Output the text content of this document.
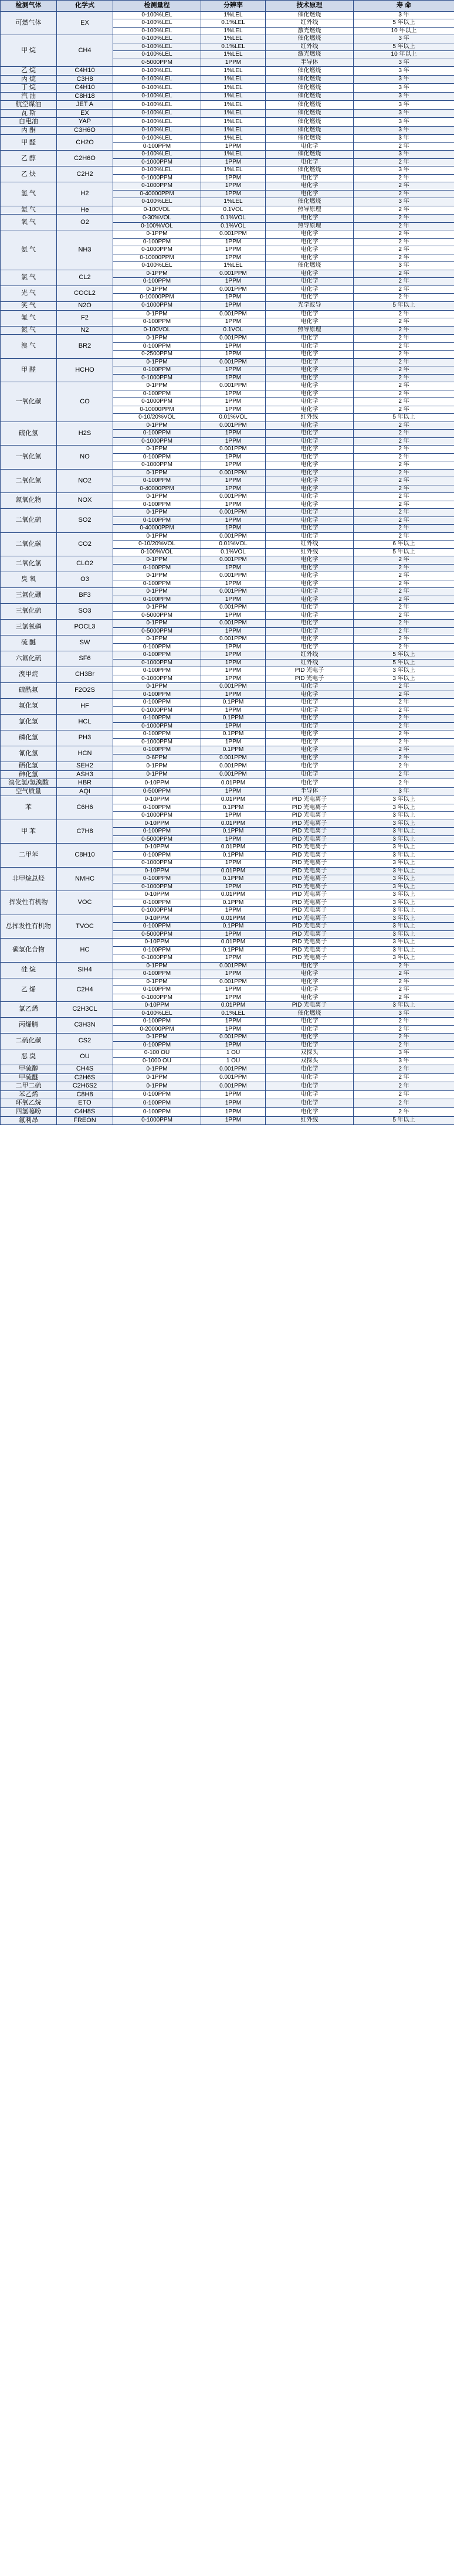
检测气体	化学式	检测量程	分辨率	技术原理	寿 命
可燃气体	EX	0-100%LEL	1%LEL	催化燃烧	3 年
		0-100%LEL	0.1%LEL	红外线	5 年以上
		0-100%LEL	1%LEL	激光燃烧	10 年以上
甲 烷	CH4	0-100%LEL	1%LEL	催化燃烧	3 年
		0-100%LEL	0.1%LEL	红外线	5 年以上
		0-100%LEL	1%LEL	激光燃烧	10 年以上
		0-5000PPM	1PPM	半导体	3 年
乙 烷	C4H10	0-100%LEL	1%LEL	催化燃烧	3 年
丙 烷	C3H8	0-100%LEL	1%LEL	催化燃烧	3 年
丁 烷	C4H10	0-100%LEL	1%LEL	催化燃烧	3 年
汽 油	C8H18	0-100%LEL	1%LEL	催化燃烧	3 年
航空煤油	JET A	0-100%LEL	1%LEL	催化燃烧	3 年
瓦 斯	EX	0-100%LEL	1%LEL	催化燃烧	3 年
白电油	YAP	0-100%LEL	1%LEL	催化燃烧	3 年
丙 酮	C3H6O	0-100%LEL	1%LEL	催化燃烧	3 年
甲 醛	CH2O	0-100%LEL	1%LEL	催化燃烧	3 年
		0-100PPM	1PPM	电化学	2 年
乙 醇	C2H6O	0-100%LEL	1%LEL	催化燃烧	3 年
		0-1000PPM	1PPM	电化学	2 年
乙 炔	C2H2	0-100%LEL	1%LEL	催化燃烧	3 年
		0-1000PPM	1PPM	电化学	2 年
氢 气	H2	0-1000PPM	1PPM	电化学	2 年
		0-40000PPM	1PPM	电化学	2 年
		0-100%LEL	1%LEL	催化燃烧	3 年
氦 气	He	0-100VOL	0.1VOL	热导原理	2 年
氧 气	O2	0-30%VOL	0.1%VOL	电化学	2 年
		0-100%VOL	0.1%VOL	热导原理	2 年
氨 气	NH3	0-1PPM	0.001PPM	电化学	2 年
		0-100PPM	1PPM	电化学	2 年
		0-1000PPM	1PPM	电化学	2 年
		0-10000PPM	1PPM	电化学	2 年
		0-100%LEL	1%LEL	催化燃烧	3 年
氯 气	CL2	0-1PPM	0.001PPM	电化学	2 年
		0-100PPM	1PPM	电化学	2 年
光 气	COCL2	0-1PPM	0.001PPM	电化学	2 年
		0-10000PPM	1PPM	电化学	2 年
笑 气	N2O	0-1000PPM	1PPM	光学波导	5 年以上
氟 气	F2	0-1PPM	0.001PPM	电化学	2 年
		0-100PPM	1PPM	电化学	2 年
氮 气	N2	0-100VOL	0.1VOL	热导原理	2 年
溴 气	BR2	0-1PPM	0.001PPM	电化学	2 年
		0-100PPM	1PPM	电化学	2 年
		0-2500PPM	1PPM	电化学	2 年
甲 醛	HCHO	0-1PPM	0.001PPM	电化学	2 年
		0-100PPM	1PPM	电化学	2 年
		0-1000PPM	1PPM	电化学	2 年
一氧化碳	CO	0-1PPM	0.001PPM	电化学	2 年
		0-100PPM	1PPM	电化学	2 年
		0-1000PPM	1PPM	电化学	2 年
		0-10000PPM	1PPM	电化学	2 年
		0-10/20%VOL	0.01%VOL	红外线	5 年以上
硫化氢	H2S	0-1PPM	0.001PPM	电化学	2 年
		0-100PPM	1PPM	电化学	2 年
		0-1000PPM	1PPM	电化学	2 年
一氧化氮	NO	0-1PPM	0.001PPM	电化学	2 年
		0-100PPM	1PPM	电化学	2 年
		0-1000PPM	1PPM	电化学	2 年
二氧化氮	NO2	0-1PPM	0.001PPM	电化学	2 年
		0-100PPM	1PPM	电化学	2 年
		0-40000PPM	1PPM	电化学	2 年
氮氧化物	NOX	0-1PPM	0.001PPM	电化学	2 年
		0-100PPM	1PPM	电化学	2 年
二氧化硫	SO2	0-1PPM	0.001PPM	电化学	2 年
		0-100PPM	1PPM	电化学	2 年
		0-40000PPM	1PPM	电化学	2 年
二氧化碳	CO2	0-1PPM	0.001PPM	电化学	2 年
		0-10/20%VOL	0.01%VOL	红外线	6 年以上
		0-100%VOL	0.1%VOL	红外线	5 年以上
二氧化氯	CLO2	0-1PPM	0.001PPM	电化学	2 年
		0-100PPM	1PPM	电化学	2 年
臭 氧	O3	0-1PPM	0.001PPM	电化学	2 年
		0-100PPM	1PPM	电化学	2 年
三氟化硼	BF3	0-1PPM	0.001PPM	电化学	2 年
		0-100PPM	1PPM	电化学	2 年
三氧化硫	SO3	0-1PPM	0.001PPM	电化学	2 年
		0-5000PPM	1PPM	电化学	2 年
三氯氧磷	POCL3	0-1PPM	0.001PPM	电化学	2 年
		0-5000PPM	1PPM	电化学	2 年
硫 醚	SW	0-1PPM	0.001PPM	电化学	2 年
		0-100PPM	1PPM	电化学	2 年
六氟化硫	SF6	0-100PPM	1PPM	红外线	5 年以上
		0-1000PPM	1PPM	红外线	5 年以上
溴甲烷	CH3Br	0-100PPM	1PPM	PID 光电子	3 年以上
		0-1000PPM	1PPM	PID 光电子	3 年以上
硫酰氟	F2O2S	0-1PPM	0.001PPM	电化学	2 年
		0-100PPM	1PPM	电化学	2 年
氟化氢	HF	0-100PPM	0.1PPM	电化学	2 年
		0-1000PPM	1PPM	电化学	2 年
氯化氢	HCL	0-100PPM	0.1PPM	电化学	2 年
		0-1000PPM	1PPM	电化学	2 年
磷化氢	PH3	0-100PPM	0.1PPM	电化学	2 年
		0-1000PPM	1PPM	电化学	2 年
氰化氢	HCN	0-100PPM	0.1PPM	电化学	2 年
		0-6PPM	0.001PPM	电化学	2 年
硒化氢	SEH2	0-1PPM	0.001PPM	电化学	2 年
砷化氢	ASH3	0-1PPM	0.001PPM	电化学	2 年
溴化氢/氢溴酸	HBR	0-10PPM	0.01PPM	电化学	2 年
空气质量	AQI	0-500PPM	1PPM	半导体	3 年
苯	C6H6	0-10PPM	0.01PPM	PID 光电离子	3 年以上
		0-100PPM	0.1PPM	PID 光电离子	3 年以上
		0-1000PPM	1PPM	PID 光电离子	3 年以上
甲 苯	C7H8	0-10PPM	0.01PPM	PID 光电离子	3 年以上
		0-100PPM	0.1PPM	PID 光电离子	3 年以上
		0-5000PPM	1PPM	PID 光电离子	3 年以上
二甲苯	C8H10	0-10PPM	0.01PPM	PID 光电离子	3 年以上
		0-100PPM	0.1PPM	PID 光电离子	3 年以上
		0-1000PPM	1PPM	PID 光电离子	3 年以上
非甲烷总烃	NMHC	0-10PPM	0.01PPM	PID 光电离子	3 年以上
		0-100PPM	0.1PPM	PID 光电离子	3 年以上
		0-1000PPM	1PPM	PID 光电离子	3 年以上
挥发性有机物	VOC	0-10PPM	0.01PPM	PID 光电离子	3 年以上
		0-100PPM	0.1PPM	PID 光电离子	3 年以上
		0-1000PPM	1PPM	PID 光电离子	3 年以上
总挥发性有机物	TVOC	0-10PPM	0.01PPM	PID 光电离子	3 年以上
		0-100PPM	0.1PPM	PID 光电离子	3 年以上
		0-5000PPM	1PPM	PID 光电离子	3 年以上
碳氢化合物	HC	0-10PPM	0.01PPM	PID 光电离子	3 年以上
		0-100PPM	0.1PPM	PID 光电离子	3 年以上
		0-1000PPM	1PPM	PID 光电离子	3 年以上
硅 烷	SIH4	0-1PPM	0.001PPM	电化学	2 年
		0-100PPM	1PPM	电化学	2 年
乙 烯	C2H4	0-1PPM	0.001PPM	电化学	2 年
		0-100PPM	1PPM	电化学	2 年
		0-1000PPM	1PPM	电化学	2 年
氯乙烯	C2H3CL	0-10PPM	0.01PPM	PID 光电离子	3 年以上
		0-100%LEL	0.1%LEL	催化燃烧	3 年
丙烯腈	C3H3N	0-100PPM	1PPM	电化学	2 年
		0-20000PPM	1PPM	电化学	2 年
二硫化碳	CS2	0-1PPM	0.001PPM	电化学	2 年
		0-100PPM	1PPM	电化学	2 年
恶 臭	OU	0-100 OU	1 OU	双探头	3 年
		0-1000 OU	1 OU	双探头	3 年
甲硫醇	CH4S	0-1PPM	0.001PPM	电化学	2 年
甲硫醚	C2H6S	0-1PPM	0.001PPM	电化学	2 年
二甲二硫	C2H6S2	0-1PPM	0.001PPM	电化学	2 年
苯乙烯	C8H8	0-100PPM	1PPM	电化学	2 年
环氧乙烷	ETO	0-100PPM	1PPM	电化学	2 年
四氢噻吩	C4H8S	0-100PPM	1PPM	电化学	2 年
氟利昂	FREON	0-1000PPM	1PPM	红外线	5 年以上
